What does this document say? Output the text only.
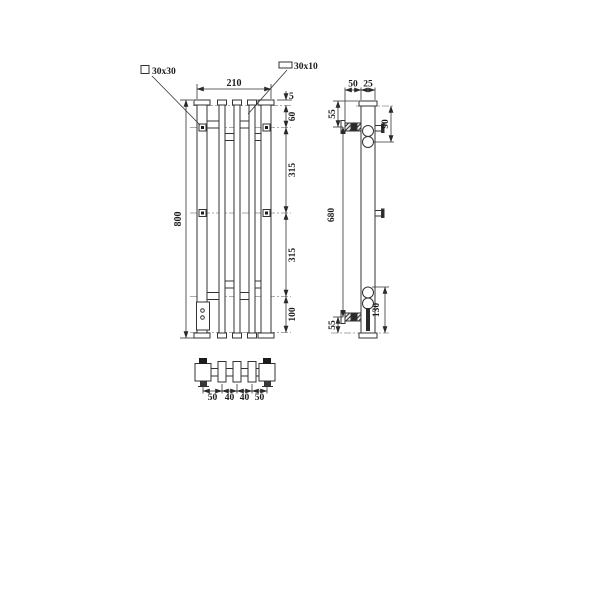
30x30	30x10
210
800
5
60
315
315
100
50 25
55
680
90
130
55
50 40 40 50
